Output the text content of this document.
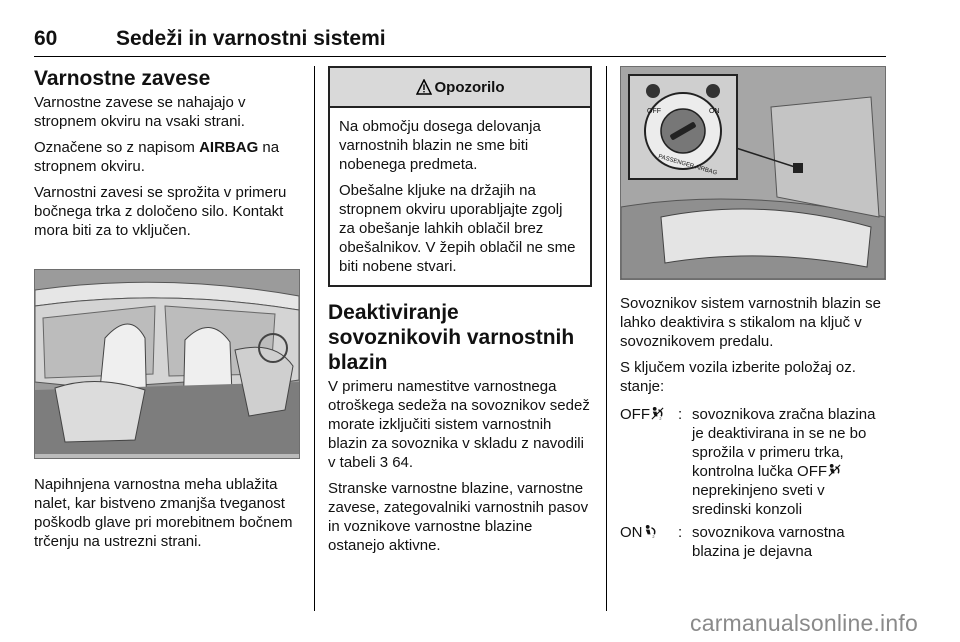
60	Sedeži in varnostni sistemi
Varnostne zavese

Varnostne zavese se nahajajo v stropnem okviru na vsaki strani.

Označene so z napisom AIRBAG na stropnem okviru.

Varnostni zavesi se sprožita v primeru bočnega trka z določeno silo. Kontakt mora biti za to vključen.

Napihnjena varnostna meha ublažita nalet, kar bistveno zmanjša tveganost poškodb glave pri morebitnem bočnem trčenju na ustrezni strani.

Opozorilo

Na območju dosega delovanja varnostnih blazin ne sme biti nobenega predmeta.

Obešalne kljuke na držajih na stropnem okviru uporabljajte zgolj za obešanje lahkih oblačil brez obešalnikov. V žepih oblačil ne sme biti nobene stvari.

Deaktiviranje sovoznikovih varnostnih blazin

V primeru namestitve varnostnega otroškega sedeža na sovoznikov sedež morate izključiti sistem varnostnih blazin za sovoznika v skladu z navodili v tabeli 3 64.

Stranske varnostne blazine, varnostne zavese, zategovalniki varnostnih pasov in voznikove varnostne blazine ostanejo aktivne.

OFF	ON
PASSENGER AIRBAG

Sovoznikov sistem varnostnih blazin se lahko deaktivira s stikalom na ključ v sovoznikovem predalu.

S ključem vozila izberite položaj oz. stanje:

OFF 2 : sovoznikova zračna blazina je deaktivirana in se ne bo sprožila v primeru trka, kontrolna lučka OFF neprekinjeno sveti v sredinski konzoli
ON 2 : sovoznikova varnostna blazina je dejavna
carmanualsonline.info
